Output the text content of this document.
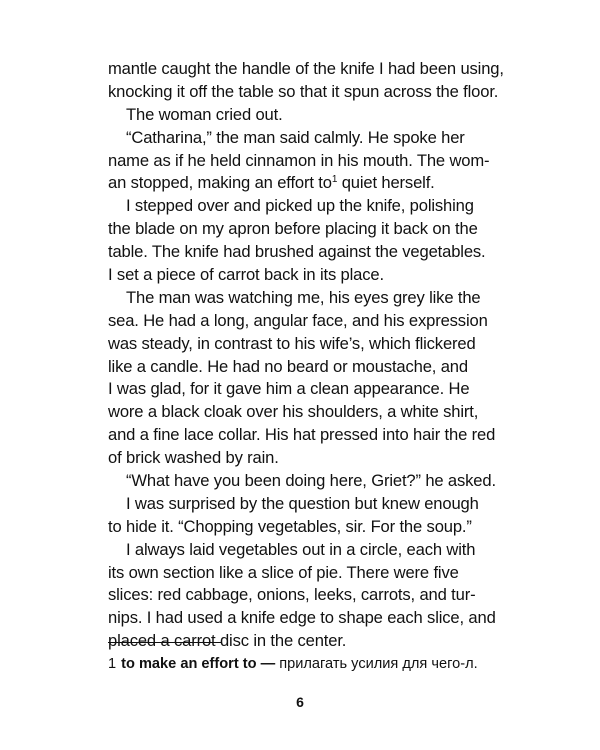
mantle caught the handle of the knife I had been using,
knocking it off the table so that it spun across the floor.
The woman cried out.
“Catharina,” the man said calmly. He spoke her
name as if he held cinnamon in his mouth. The wom-
an stopped, making an effort $to^1$ quiet herself.
I stepped over and picked up the knife, polishing
the blade on my apron before placing it back on the
table. The knife had brushed against the vegetables.
I set a piece of carrot back in its place.
The man was watching me, his eyes grey like the
sea. He had a long, angular face, and his expression
was steady, in contrast to his wife’s, which flickered
like a candle. He had no beard or moustache, and
I was glad, for it gave him a clean appearance. He
wore a black cloak over his shoulders, a white shirt,
and a fine lace collar. His hat pressed into hair the red
of brick washed by rain.
“What have you been doing here, Griet?” he asked.
I was surprised by the question but knew enough
to hide it. “Chopping vegetables, sir. For the soup.”
I always laid vegetables out in a circle, each with
its own section like a slice of pie. There were five
slices: red cabbage, onions, leeks, carrots, and tur-
nips. I had used a knife edge to shape each slice, and
placed a carrot disc in the center.
1 to make an effort to — прилагать усилия для чего-л.
6
